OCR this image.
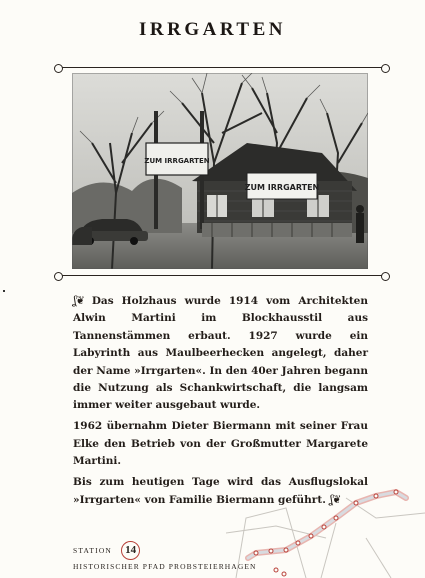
IRRGARTEN
ZUM IRRGARTEN
ZUM IRRGARTEN

ʆ❦ Das Holzhaus wurde 1914 vom Architekten Alwin Martini im Blockhausstil aus Tannenstämmen erbaut. 1927 wurde ein Labyrinth aus Maulbeerhecken angelegt, daher der Name »Irrgarten«. In den 40er Jahren begann die Nutzung als Schankwirtschaft, die langsam immer weiter ausgebaut wurde.

1962 übernahm Dieter Biermann mit seiner Frau Elke den Betrieb von der Großmutter Margarete Martini.

Bis zum heutigen Tage wird das Ausflugslokal »Irrgarten« von Familie Biermann geführt. ʆ❦

STATION	14
HISTORISCHER PFAD PROBSTEIERHAGEN
